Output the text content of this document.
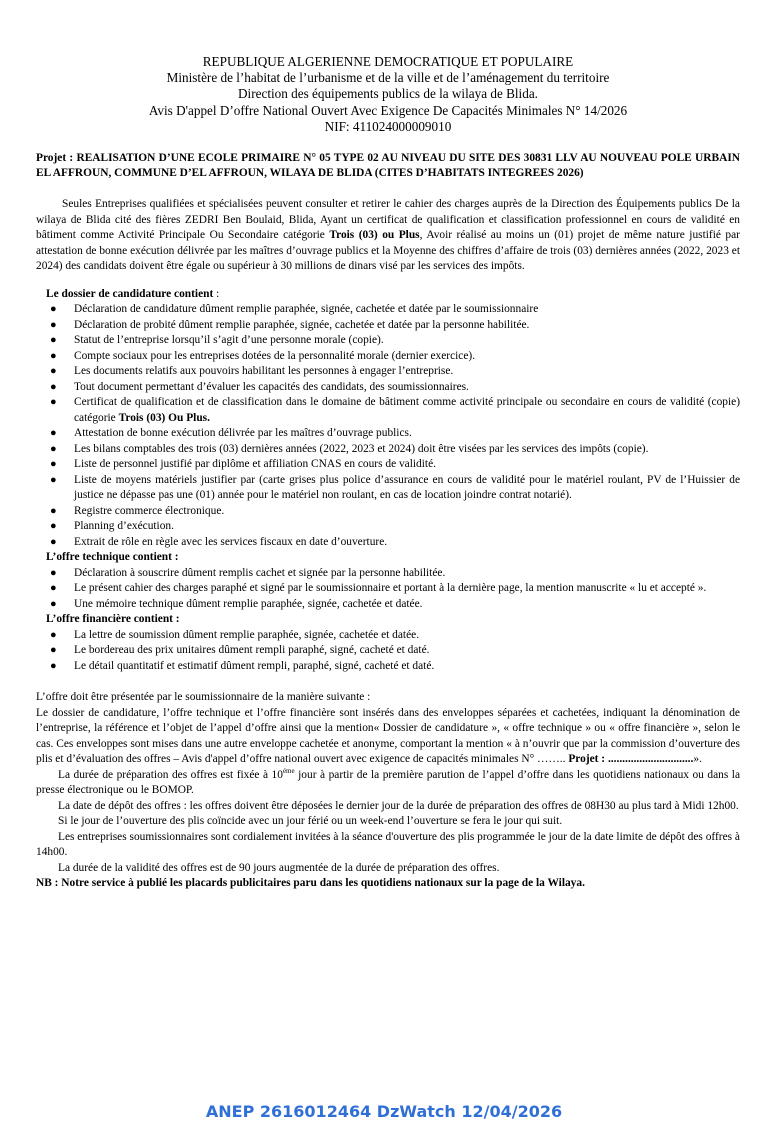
REPUBLIQUE ALGERIENNE DEMOCRATIQUE ET POPULAIRE
Ministère de l’habitat de l’urbanisme et de la ville et de l’aménagement du territoire
Direction des équipements publics de la wilaya de Blida.
Avis D'appel D’offre National Ouvert Avec Exigence De Capacités Minimales N° 14/2026
NIF: 411024000009010
Projet : REALISATION D’UNE ECOLE PRIMAIRE N° 05 TYPE 02 AU NIVEAU DU SITE DES 30831 LLV AU NOUVEAU POLE URBAIN EL AFFROUN, COMMUNE D’EL AFFROUN, WILAYA DE BLIDA (CITES D’HABITATS INTEGREES 2026)
Seules Entreprises qualifiées et spécialisées peuvent consulter et retirer le cahier des charges auprès de la Direction des Équipements publics De la wilaya de Blida cité des fières ZEDRI Ben Boulaid, Blida, Ayant un certificat de qualification et classification professionnel en cours de validité en bâtiment comme Activité Principale Ou Secondaire catégorie Trois (03) ou Plus, Avoir réalisé au moins un (01) projet de même nature justifié par attestation de bonne exécution délivrée par les maîtres d’ouvrage publics et la Moyenne des chiffres d’affaire de trois (03) dernières années (2022, 2023 et 2024) des candidats doivent être égale ou supérieur à 30 millions de dinars visé par les services des impôts.
Le dossier de candidature contient :
● Déclaration de candidature dûment remplie paraphée, signée, cachetée et datée par le soumissionnaire
● Déclaration de probité dûment remplie paraphée, signée, cachetée et datée par la personne habilitée.
● Statut de l’entreprise lorsqu’il s’agit d’une personne morale (copie).
● Compte sociaux pour les entreprises dotées de la personnalité morale (dernier exercice).
● Les documents relatifs aux pouvoirs habilitant les personnes à engager l’entreprise.
● Tout document permettant d’évaluer les capacités des candidats, des soumissionnaires.
● Certificat de qualification et de classification dans le domaine de bâtiment comme activité principale ou secondaire en cours de validité (copie) catégorie Trois (03) Ou Plus.
● Attestation de bonne exécution délivrée par les maîtres d’ouvrage publics.
● Les bilans comptables des trois (03) dernières années (2022, 2023 et 2024) doit être visées par les services des impôts (copie).
● Liste de personnel justifié par diplôme et affiliation CNAS en cours de validité.
● Liste de moyens matériels justifier par (carte grises plus police d’assurance en cours de validité pour le matériel roulant, PV de l’Huissier de justice ne dépasse pas une (01) année pour le matériel non roulant, en cas de location joindre contrat notarié).
● Registre commerce électronique.
● Planning d’exécution.
● Extrait de rôle en règle avec les services fiscaux en date d’ouverture.
L’offre technique contient :
● Déclaration à souscrire dûment remplis cachet et signée par la personne habilitée.
● Le présent cahier des charges paraphé et signé par le soumissionnaire et portant à la dernière page, la mention manuscrite « lu et accepté ».
● Une mémoire technique dûment remplie paraphée, signée, cachetée et datée.
L’offre financière contient :
● La lettre de soumission dûment remplie paraphée, signée, cachetée et datée.
● Le bordereau des prix unitaires dûment rempli paraphé, signé, cacheté et daté.
● Le détail quantitatif et estimatif dûment rempli, paraphé, signé, cacheté et daté.
L’offre doit être présentée par le soumissionnaire de la manière suivante :
Le dossier de candidature, l’offre technique et l’offre financière sont insérés dans des enveloppes séparées et cachetées, indiquant la dénomination de l’entreprise, la référence et l’objet de l’appel d’offre ainsi que la mention« Dossier de candidature », « offre technique » ou « offre financière », selon le cas. Ces enveloppes sont mises dans une autre enveloppe cachetée et anonyme, comportant la mention « à n’ouvrir que par la commission d’ouverture des plis et d’évaluation des offres – Avis d'appel d’offre national ouvert avec exigence de capacités minimales N° …….. Projet : ..............................».
La durée de préparation des offres est fixée à $10^{éme}$ jour à partir de la première parution de l’appel d’offre dans les quotidiens nationaux ou dans la presse électronique ou le BOMOP.
La date de dépôt des offres : les offres doivent être déposées le dernier jour de la durée de préparation des offres de 08H30 au plus tard à Midi 12h00.
Si le jour de l’ouverture des plis coïncide avec un jour férié ou un week-end l’ouverture se fera le jour qui suit.
Les entreprises soumissionnaires sont cordialement invitées à la séance d'ouverture des plis programmée le jour de la date limite de dépôt des offres à 14h00.
La durée de la validité des offres est de 90 jours augmentée de la durée de préparation des offres.
NB : Notre service à publié les placards publicitaires paru dans les quotidiens nationaux sur la page de la Wilaya.
ANEP 2616012464 DzWatch 12/04/2026
